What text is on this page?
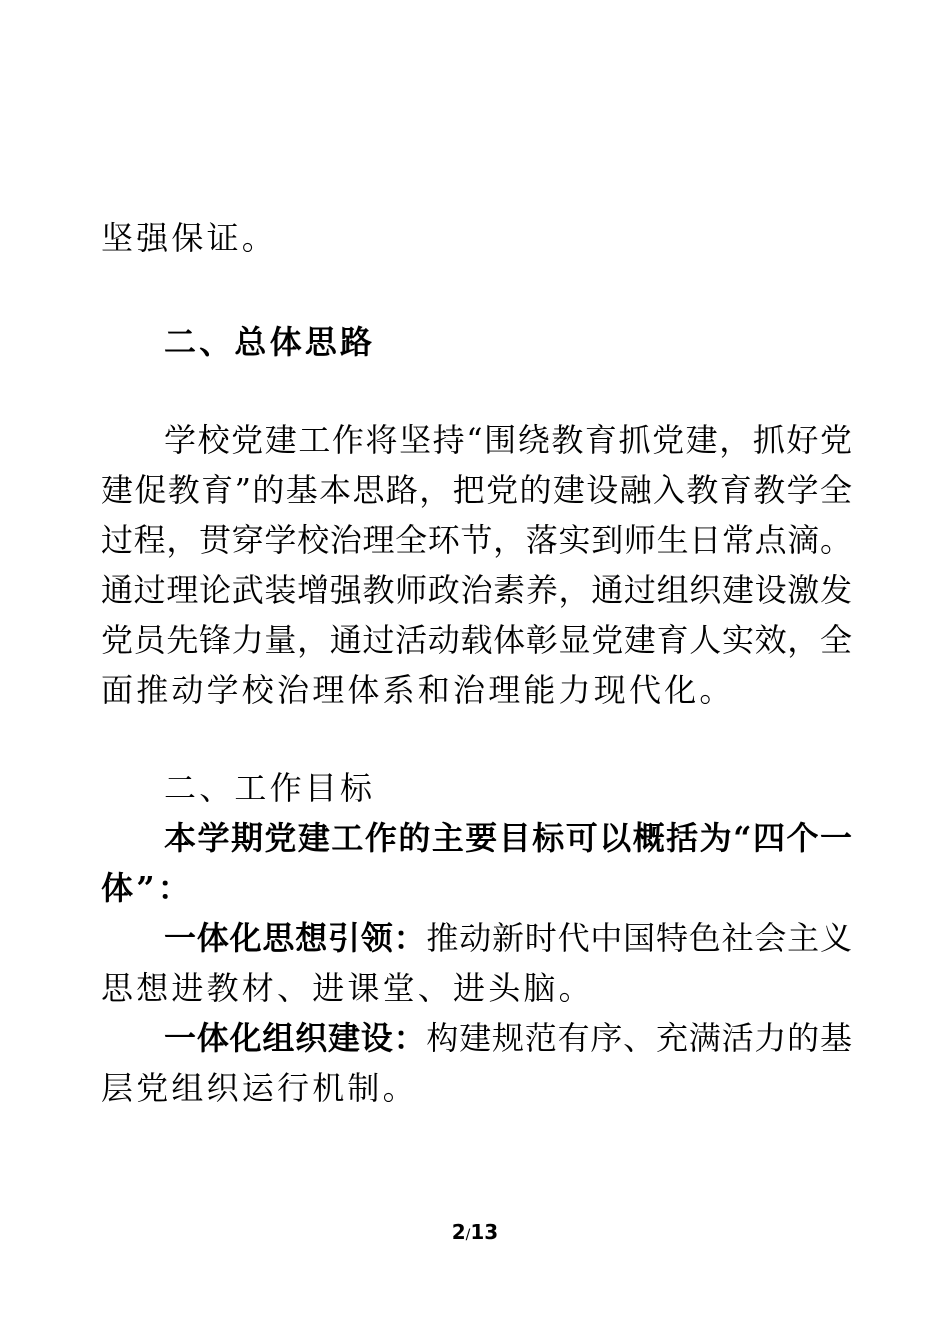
坚强保证。
二、总体思路
学校党建工作将坚持“围绕教育抓党建，抓好党
建促教育”的基本思路，把党的建设融入教育教学全
过程，贯穿学校治理全环节，落实到师生日常点滴。
通过理论武装增强教师政治素养，通过组织建设激发
党员先锋力量，通过活动载体彰显党建育人实效，全
面推动学校治理体系和治理能力现代化。
二、工作目标
本学期党建工作的主要目标可以概括为“四个一
体”：
一体化思想引领：推动新时代中国特色社会主义
思想进教材、进课堂、进头脑。
一体化组织建设：构建规范有序、充满活力的基
层党组织运行机制。
2/13
